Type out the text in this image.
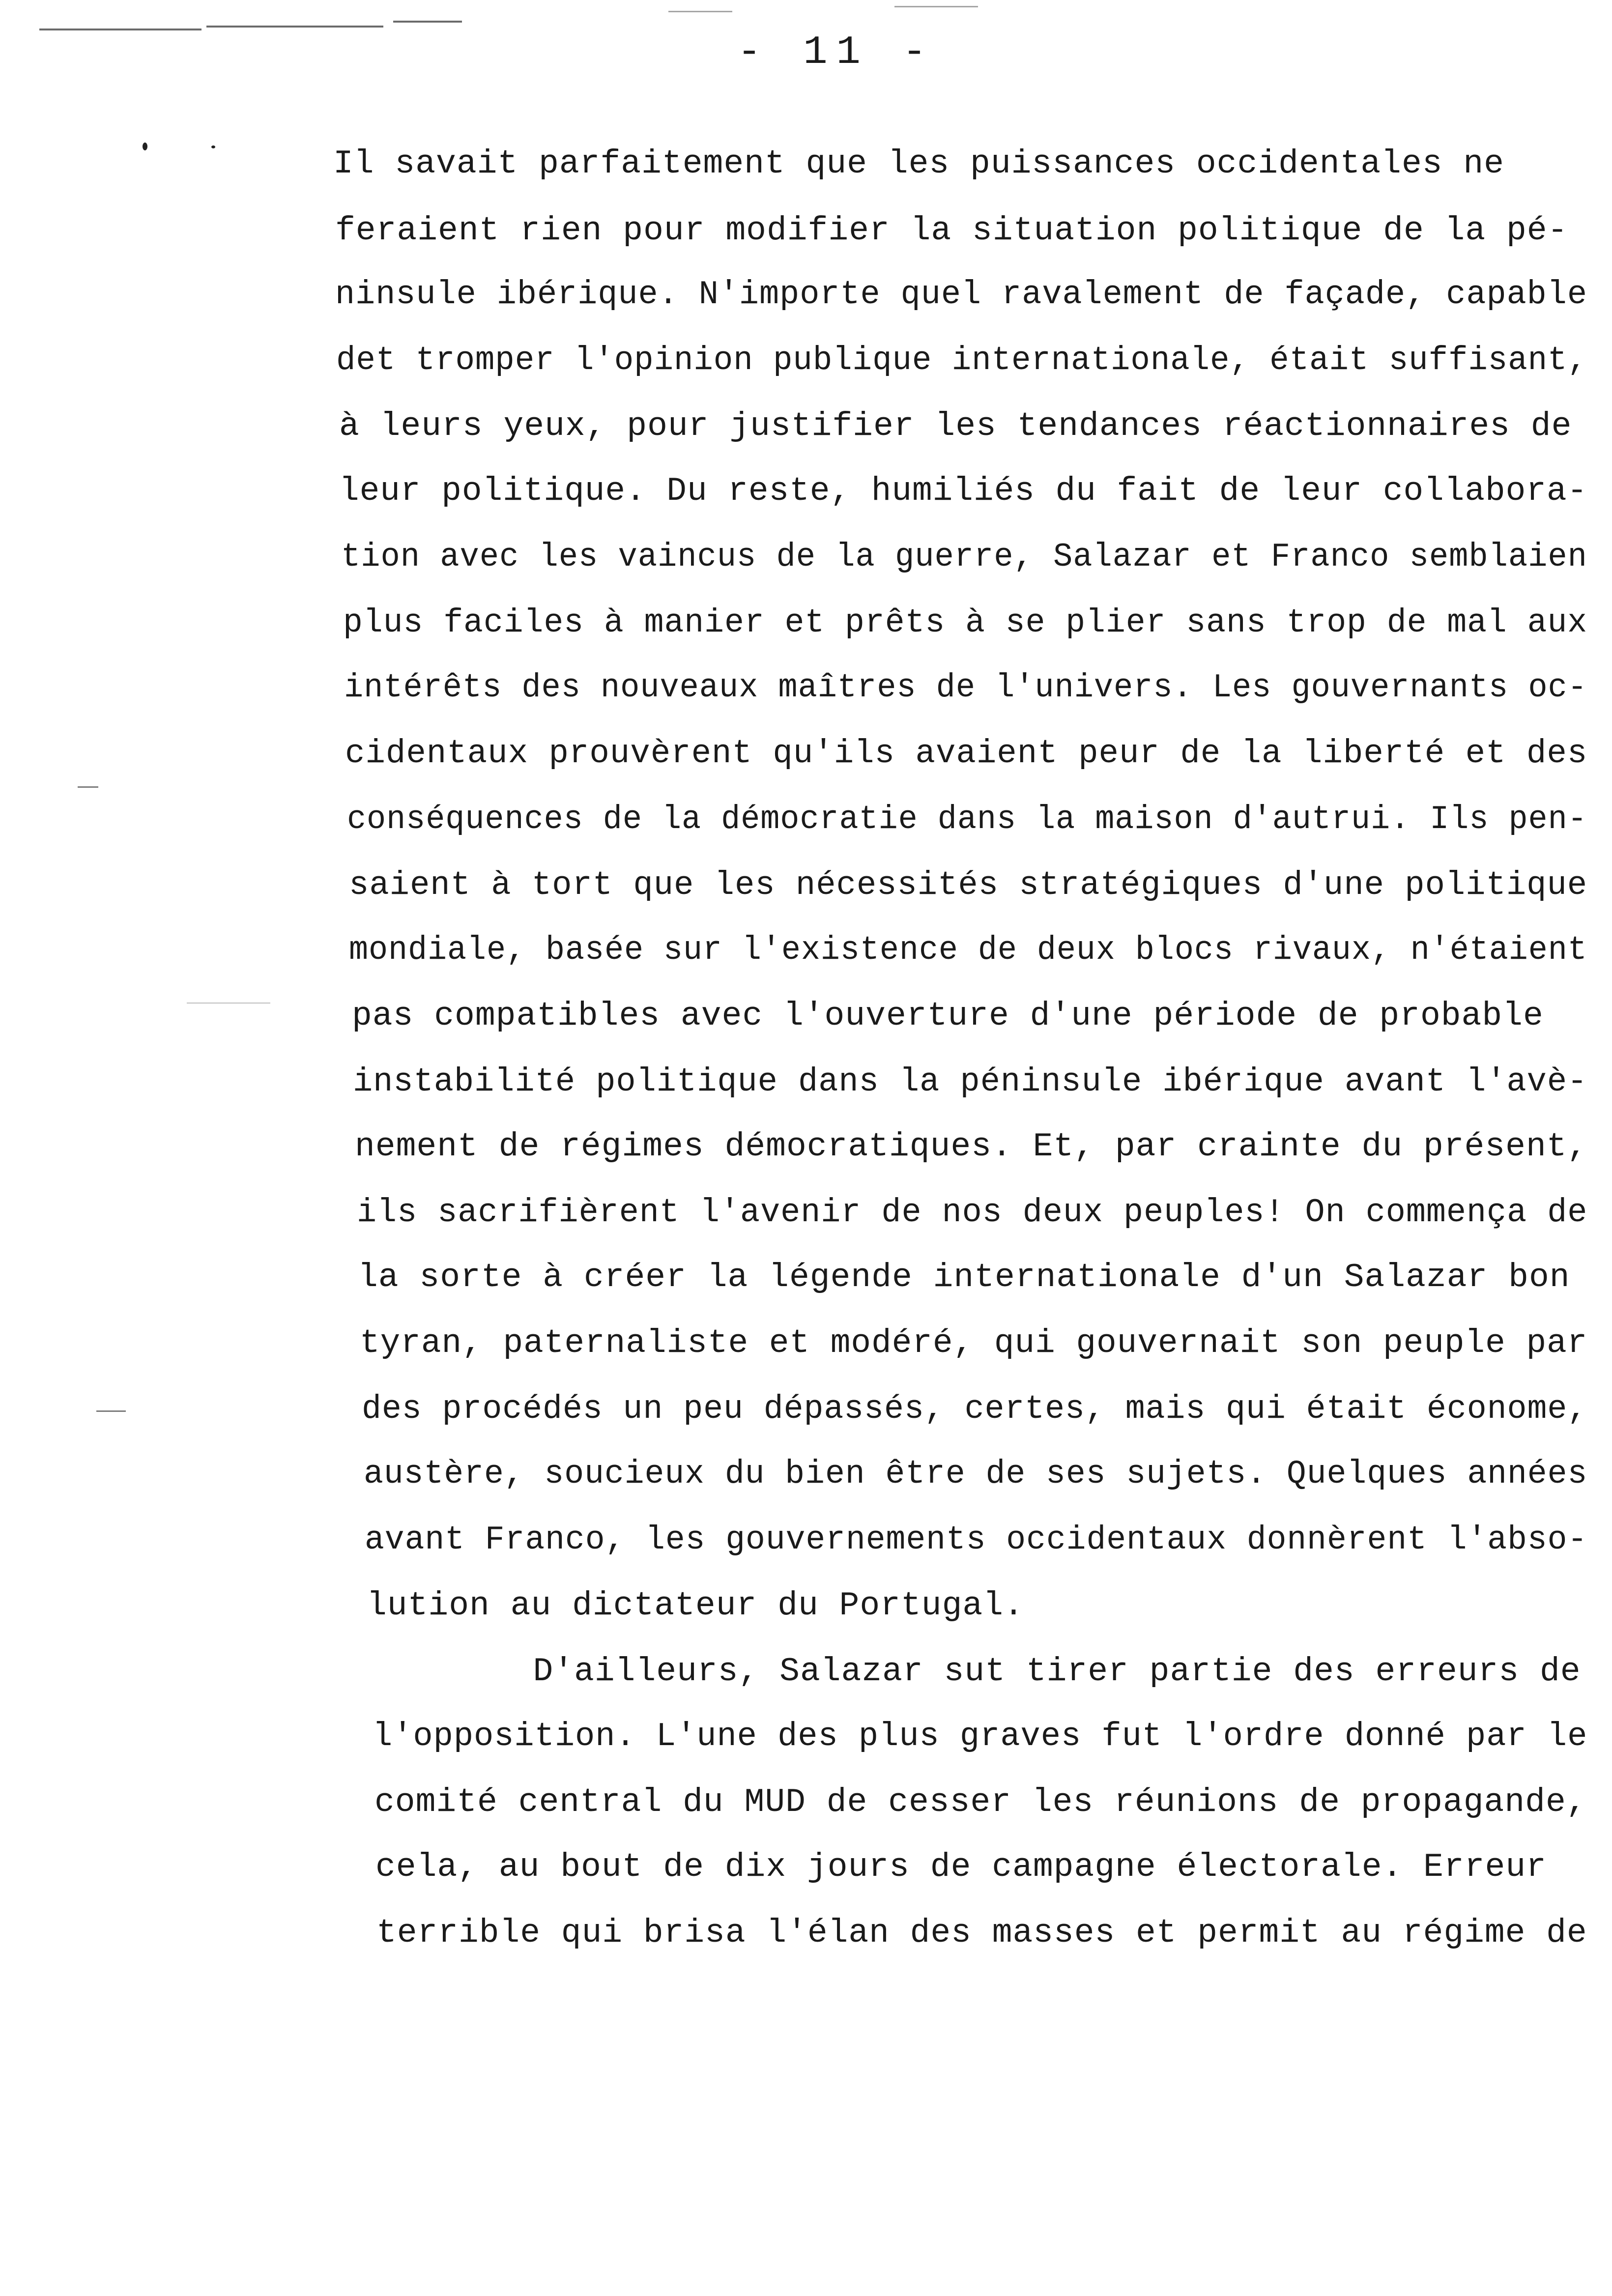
- 11 -
Il savait parfaitement que les puissances occidentales ne
feraient rien pour modifier la situation politique de la pé-
ninsule ibérique. N'importe quel ravalement de façade, capable
det tromper l'opinion publique internationale, était suffisant,
à leurs yeux, pour justifier les tendances réactionnaires de
leur politique. Du reste, humiliés du fait de leur collabora-
tion avec les vaincus de la guerre, Salazar et Franco semblaien
plus faciles à manier et prêts à se plier sans trop de mal aux
intérêts des nouveaux maîtres de l'univers. Les gouvernants oc-
cidentaux prouvèrent qu'ils avaient peur de la liberté et des
conséquences de la démocratie dans la maison d'autrui. Ils pen-
saient à tort que les nécessités stratégiques d'une politique
mondiale, basée sur l'existence de deux blocs rivaux, n'étaient
pas compatibles avec l'ouverture d'une période de probable
instabilité politique dans la péninsule ibérique avant l'avè-
nement de régimes démocratiques. Et, par crainte du présent,
ils sacrifièrent l'avenir de nos deux peuples! On commença de
la sorte à créer la légende internationale d'un Salazar bon
tyran, paternaliste et modéré, qui gouvernait son peuple par
des procédés un peu dépassés, certes, mais qui était économe,
austère, soucieux du bien être de ses sujets. Quelques années
avant Franco, les gouvernements occidentaux donnèrent l'abso-
lution au dictateur du Portugal.
D'ailleurs, Salazar sut tirer partie des erreurs de
l'opposition. L'une des plus graves fut l'ordre donné par le
comité central du MUD de cesser les réunions de propagande,
cela, au bout de dix jours de campagne électorale. Erreur
terrible qui brisa l'élan des masses et permit au régime de
